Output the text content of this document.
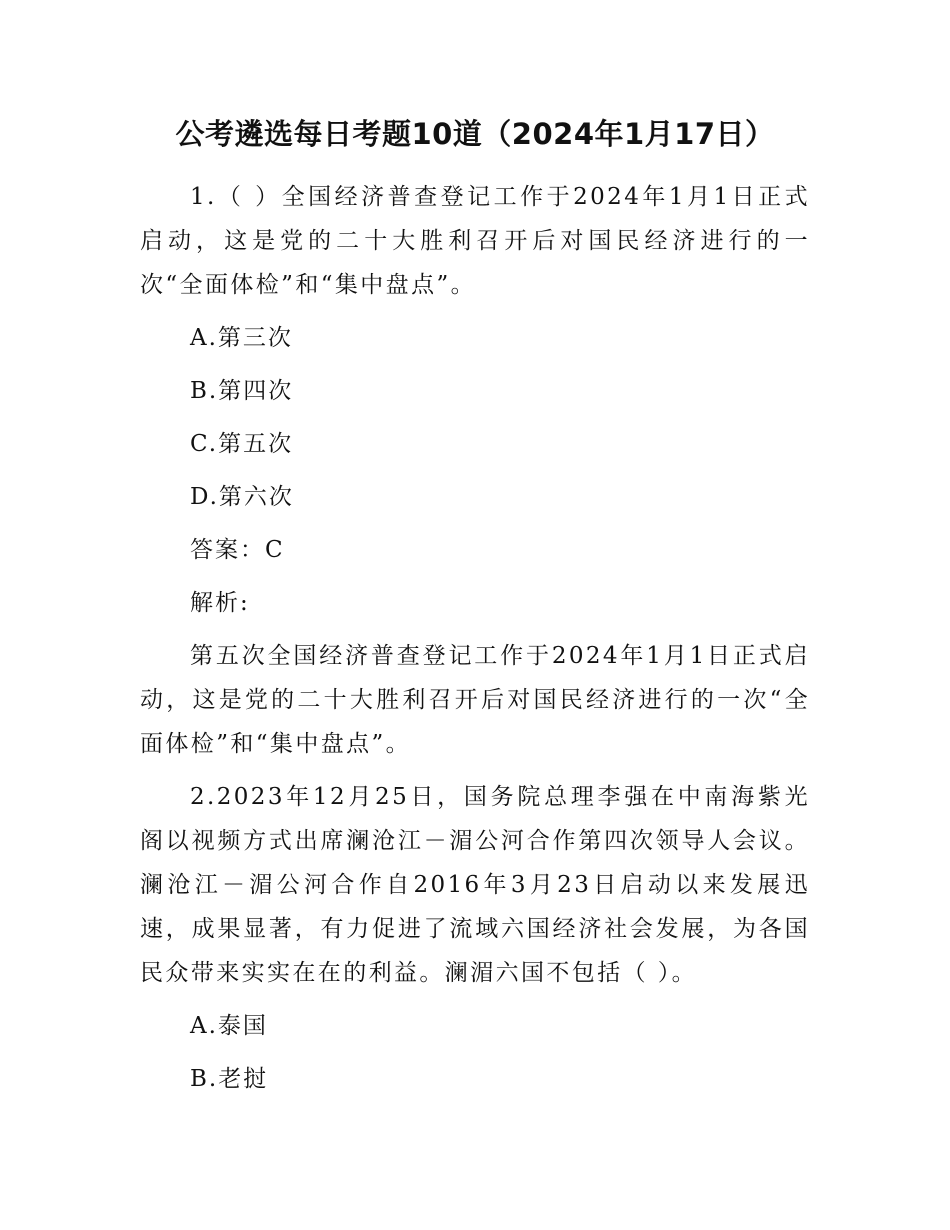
公考遴选每日考题10道（2024年1月17日）

1.（ ）全国经济普查登记工作于2024年1月1日正式启动，这是党的二十大胜利召开后对国民经济进行的一次“全面体检”和“集中盘点”。

A.第三次

B.第四次

C.第五次

D.第六次

答案：C

解析:

第五次全国经济普查登记工作于2024年1月1日正式启动，这是党的二十大胜利召开后对国民经济进行的一次“全面体检”和“集中盘点”。

2.2023年12月25日，国务院总理李强在中南海紫光阁以视频方式出席澜沧江－湄公河合作第四次领导人会议。澜沧江－湄公河合作自2016年3月23日启动以来发展迅速，成果显著，有力促进了流域六国经济社会发展，为各国民众带来实实在在的利益。澜湄六国不包括（ ）。

A.泰国

B.老挝
